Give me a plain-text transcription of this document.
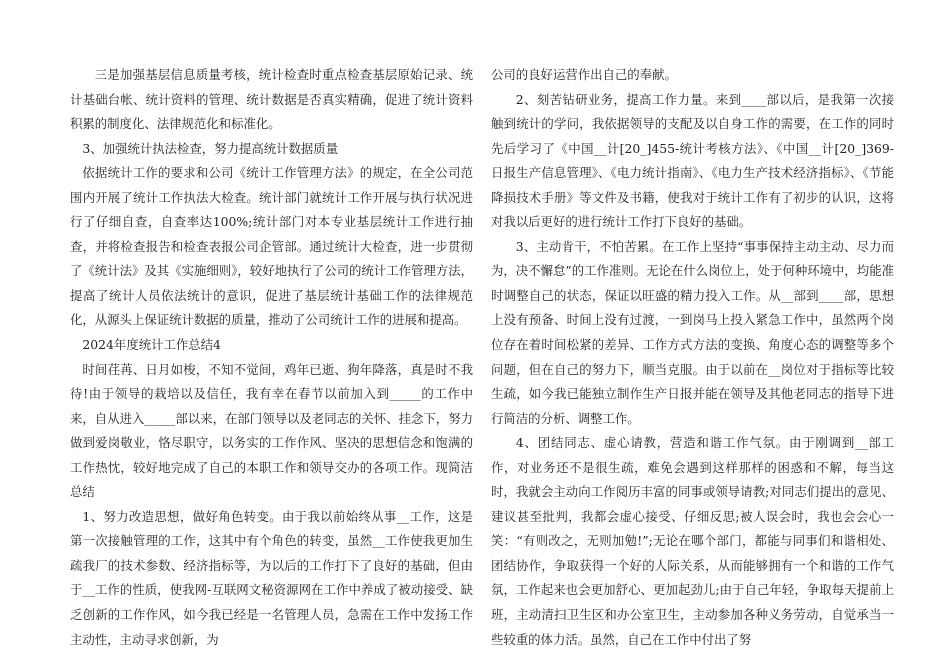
三是加强基层信息质量考核，统计检查时重点检查基层原始记录、统计基础台帐、统计资料的管理、统计数据是否真实精确，促进了统计资料积累的制度化、法律规范化和标准化。

3、加强统计执法检查，努力提高统计数据质量

依据统计工作的要求和公司《统计工作管理方法》的规定，在全公司范围内开展了统计工作执法大检查。统计部门就统计工作开展与执行状况进行了仔细自查，自查率达100%;统计部门对本专业基层统计工作进行抽查，并将检查报告和检查表报公司企管部。通过统计大检查，进一步贯彻了《统计法》及其《实施细则》，较好地执行了公司的统计工作管理方法，提高了统计人员依法统计的意识，促进了基层统计基础工作的法律规范化，从源头上保证统计数据的质量，推动了公司统计工作的进展和提高。

2024年度统计工作总结4

时间荏苒、日月如梭，不知不觉间，鸡年已逝、狗年降落，真是时不我待!由于领导的栽培以及信任，我有幸在春节以前加入到_____的工作中来，自从进入_____部以来，在部门领导以及老同志的关怀、挂念下，努力做到爱岗敬业，恪尽职守，以务实的工作作风、坚决的思想信念和饱满的工作热忱，较好地完成了自己的本职工作和领导交办的各项工作。现简洁总结

1、努力改造思想，做好角色转变。由于我以前始终从事__工作，这是第一次接触管理的工作，这其中有个角色的转变，虽然__工作使我更加生疏我厂的技术参数、经济指标等，为以后的工作打下了良好的基础，但由于__工作的性质，使我网-互联网文秘资源网在工作中养成了被动接受、缺乏创新的工作作风，如今我已经是一名管理人员，急需在工作中发扬工作主动性，主动寻求创新，为

公司的良好运营作出自己的奉献。

2、刻苦钻研业务，提高工作力量。来到____部以后，是我第一次接触到统计的学问，我依据领导的支配及以自身工作的需要，在工作的同时先后学习了《中国__计[20_]455-统计考核方法》、《中国__计[20_]369-日报生产信息管理》、《电力统计指南》、《电力生产技术经济指标》、《节能降损技术手册》等文件及书籍，使我对于统计工作有了初步的认识，这将对我以后更好的进行统计工作打下良好的基础。

3、主动肯干，不怕苦累。在工作上坚持“事事保持主动主动、尽力而为，决不懈怠”的工作准则。无论在什么岗位上，处于何种环境中，均能准时调整自己的状态，保证以旺盛的精力投入工作。从__部到____部，思想上没有预备、时间上没有过渡，一到岗马上投入紧急工作中，虽然两个岗位存在着时间松紧的差异、工作方式方法的变换、角度心态的调整等多个问题，但在自己的努力下，顺当克服。由于以前在__岗位对于指标等比较生疏，如今我已能独立制作生产日报并能在领导及其他老同志的指导下进行简洁的分析、调整工作。

4、团结同志、虚心请教，营造和谐工作气氛。由于刚调到__部工作，对业务还不是很生疏，难免会遇到这样那样的困惑和不解，每当这时，我就会主动向工作阅历丰富的同事或领导请教;对同志们提出的意见、建议甚至批判，我都会虚心接受、仔细反思;被人误会时，我也会会心一笑：“有则改之，无则加勉!”;无论在哪个部门，都能与同事们和谐相处、团结协作，争取获得一个好的人际关系，从而能够拥有一个和谐的工作气氛，工作起来也会更加舒心、更加起劲儿;由于自己年轻，争取每天提前上班，主动清扫卫生区和办公室卫生，主动参加各种义务劳动，自觉承当一些较重的体力活。虽然，自己在工作中付出了努
